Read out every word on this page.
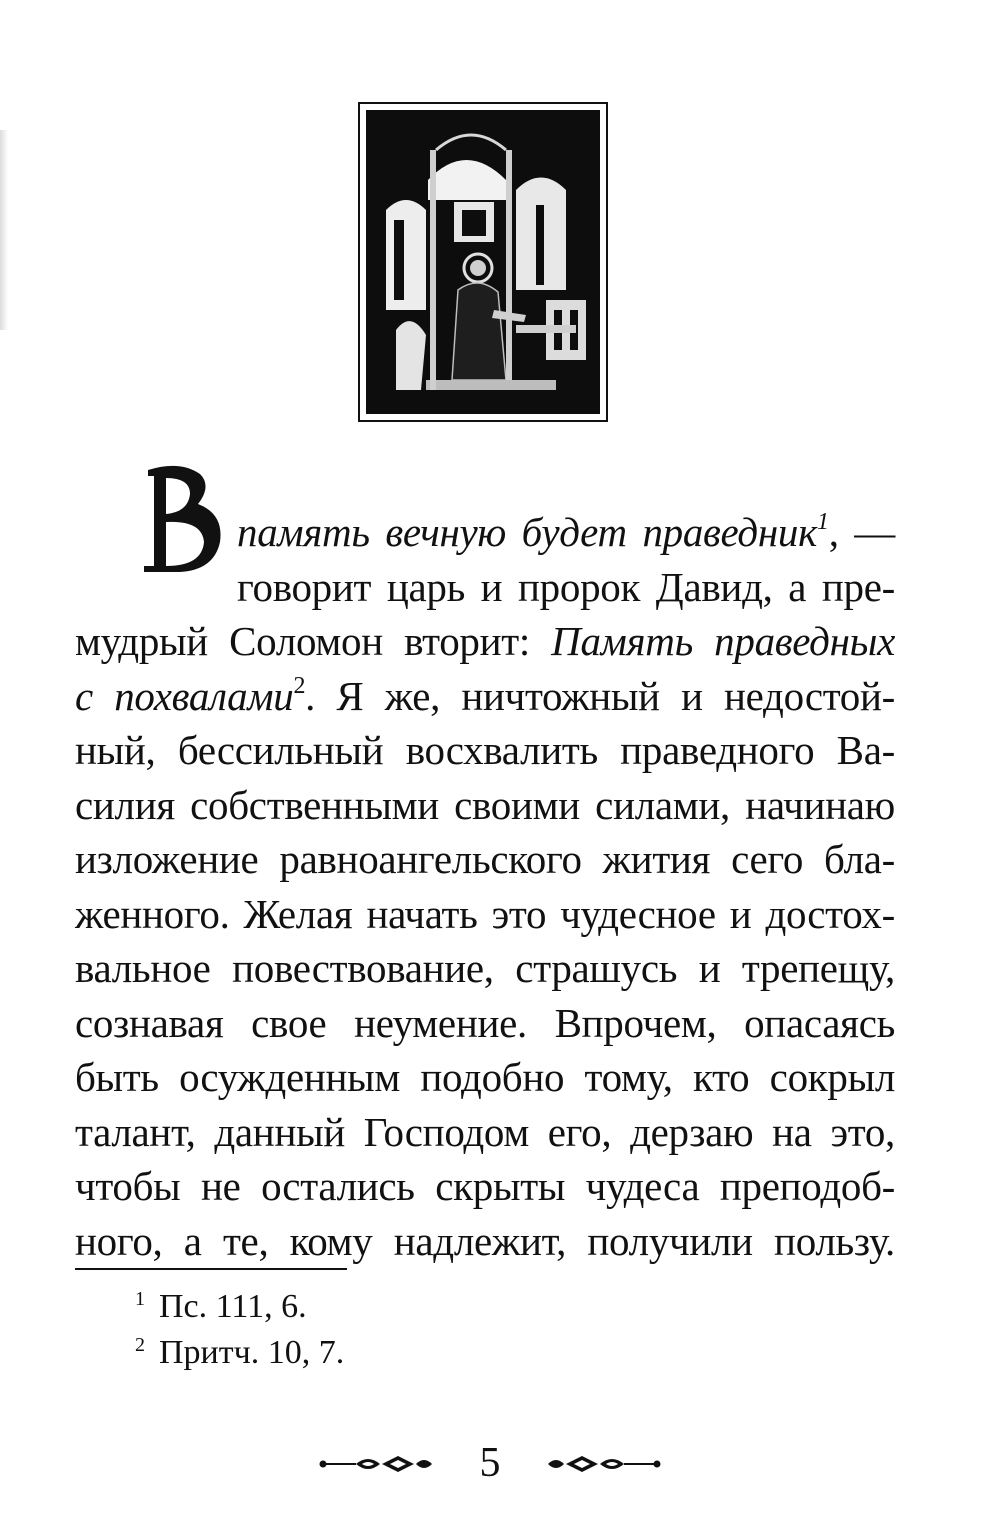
В
память вечную будет праведник$^1$, —
говорит царь и пророк Давид, а пре-
мудрый Соломон вторит: Память праведных
с похвалами$^2$. Я же, ничтожный и недостой-
ный, бессильный восхвалить праведного Ва-
силия собственными своими силами, начинаю
изложение равноангельского жития сего бла-
женного. Желая начать это чудесное и достох-
вальное повествование, страшусь и трепещу,
сознавая свое неумение. Впрочем, опасаясь
быть осужденным подобно тому, кто сокрыл
талант, данный Господом его, дерзаю на это,
чтобы не остались скрыты чудеса преподоб-
ного, а те, кому надлежит, получили пользу.
$^1$ Пс. 111, 6.
$^2$ Притч. 10, 7.
5
